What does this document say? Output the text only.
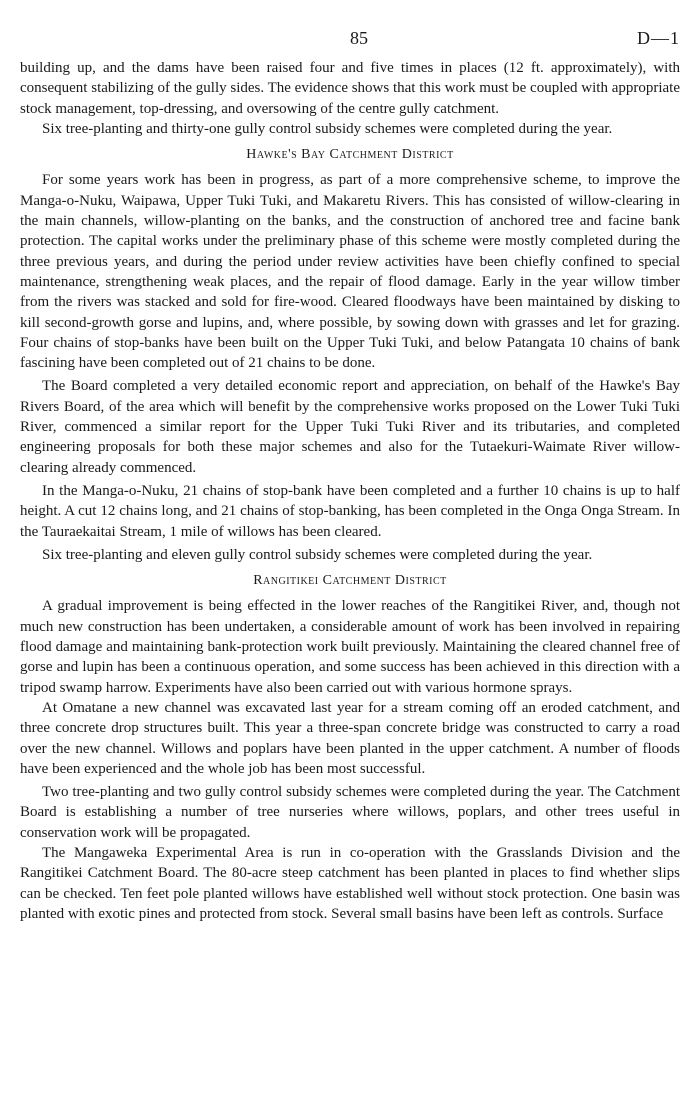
85	D—1

building up, and the dams have been raised four and five times in places (12 ft. approximately), with consequent stabilizing of the gully sides. The evidence shows that this work must be coupled with appropriate stock management, top-dressing, and oversowing of the centre gully catchment.

Six tree-planting and thirty-one gully control subsidy schemes were completed during the year.

Hawke's Bay Catchment District

For some years work has been in progress, as part of a more comprehensive scheme, to improve the Manga-o-Nuku, Waipawa, Upper Tuki Tuki, and Makaretu Rivers. This has consisted of willow-clearing in the main channels, willow-planting on the banks, and the construction of anchored tree and facine bank protection. The capital works under the preliminary phase of this scheme were mostly completed during the three previous years, and during the period under review activities have been chiefly confined to special maintenance, strengthening weak places, and the repair of flood damage. Early in the year willow timber from the rivers was stacked and sold for fire-wood. Cleared floodways have been maintained by disking to kill second-growth gorse and lupins, and, where possible, by sowing down with grasses and let for grazing. Four chains of stop-banks have been built on the Upper Tuki Tuki, and below Patangata 10 chains of bank fascining have been completed out of 21 chains to be done.

The Board completed a very detailed economic report and appreciation, on behalf of the Hawke's Bay Rivers Board, of the area which will benefit by the comprehensive works proposed on the Lower Tuki Tuki River, commenced a similar report for the Upper Tuki Tuki River and its tributaries, and completed engineering proposals for both these major schemes and also for the Tutaekuri-Waimate River willow-clearing already commenced.

In the Manga-o-Nuku, 21 chains of stop-bank have been completed and a further 10 chains is up to half height. A cut 12 chains long, and 21 chains of stop-banking, has been completed in the Onga Onga Stream. In the Tauraekaitai Stream, 1 mile of willows has been cleared.

Six tree-planting and eleven gully control subsidy schemes were completed during the year.

Rangitikei Catchment District

A gradual improvement is being effected in the lower reaches of the Rangitikei River, and, though not much new construction has been undertaken, a considerable amount of work has been involved in repairing flood damage and maintaining bank-protection work built previously. Maintaining the cleared channel free of gorse and lupin has been a continuous operation, and some success has been achieved in this direction with a tripod swamp harrow. Experiments have also been carried out with various hormone sprays.

At Omatane a new channel was excavated last year for a stream coming off an eroded catchment, and three concrete drop structures built. This year a three-span concrete bridge was constructed to carry a road over the new channel. Willows and poplars have been planted in the upper catchment. A number of floods have been experienced and the whole job has been most successful.

Two tree-planting and two gully control subsidy schemes were completed during the year. The Catchment Board is establishing a number of tree nurseries where willows, poplars, and other trees useful in conservation work will be propagated.

The Mangaweka Experimental Area is run in co-operation with the Grasslands Division and the Rangitikei Catchment Board. The 80-acre steep catchment has been planted in places to find whether slips can be checked. Ten feet pole planted willows have established well without stock protection. One basin was planted with exotic pines and protected from stock. Several small basins have been left as controls. Surface
